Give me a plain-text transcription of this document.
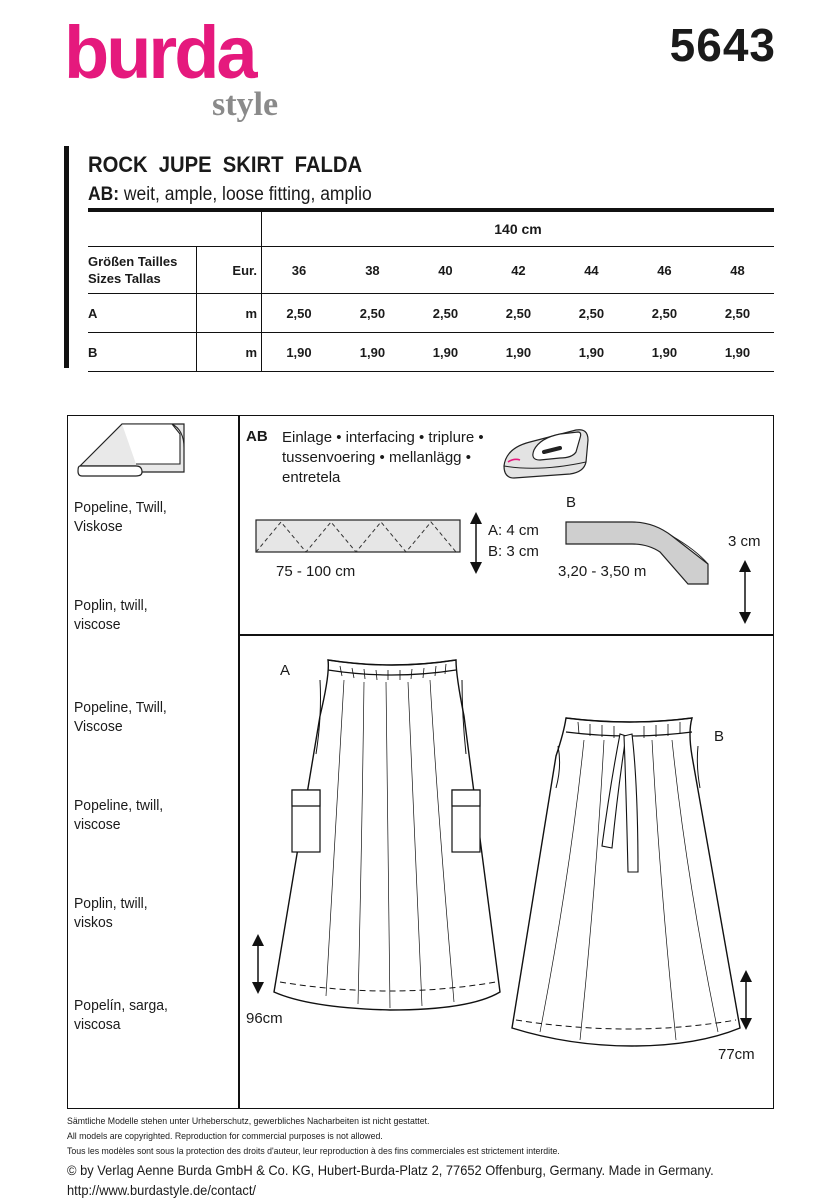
burda
style
5643
ROCK JUPE SKIRT FALDA
AB: weit, ample, loose fitting, amplio
		140 cm						

Größen Tailles
Sizes Tallas	Eur.	36	38	40	42	44	46	48
A	m	2,50	2,50	2,50	2,50	2,50	2,50	2,50
B	m	1,90	1,90	1,90	1,90	1,90	1,90	1,90
Popeline, Twill,
Viskose
Poplin, twill,
viscose
Popeline, Twill,
Viscose
Popeline, twill,
viscose
Poplin, twill,
viskos
Popelín, sarga,
viscosa
AB Einlage • interfacing • triplure •
tussenvoering • mellanlägg •
entretela
75 - 100 cm
A: 4 cm
B: 3 cm
B
3,20 - 3,50 m
3 cm
A
96cm
B
77cm
Sämtliche Modelle stehen unter Urheberschutz, gewerbliches Nacharbeiten ist nicht gestattet.
All models are copyrighted. Reproduction for commercial purposes is not allowed.
Tous les modèles sont sous la protection des droits d'auteur, leur reproduction à des fins commerciales est strictement interdite.
© by Verlag Aenne Burda GmbH & Co. KG, Hubert-Burda-Platz 2, 77652 Offenburg, Germany. Made in Germany.
http://www.burdastyle.de/contact/
